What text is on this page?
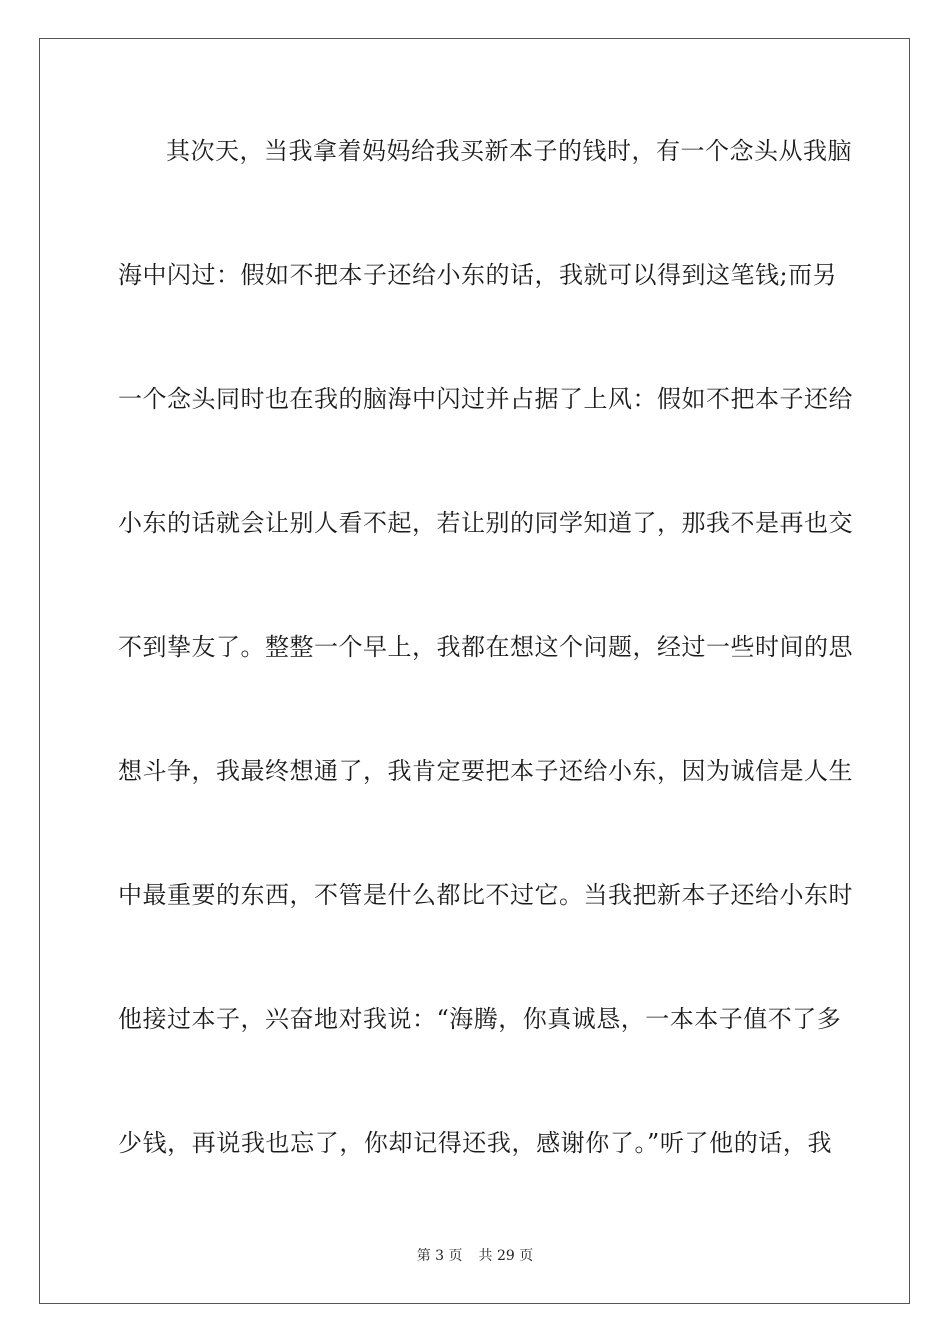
其次天，当我拿着妈妈给我买新本子的钱时，有一个念头从我脑
海中闪过：假如不把本子还给小东的话，我就可以得到这笔钱;而另
一个念头同时也在我的脑海中闪过并占据了上风：假如不把本子还给
小东的话就会让别人看不起，若让别的同学知道了，那我不是再也交
不到挚友了。整整一个早上，我都在想这个问题，经过一些时间的思
想斗争，我最终想通了，我肯定要把本子还给小东，因为诚信是人生
中最重要的东西，不管是什么都比不过它。当我把新本子还给小东时
他接过本子，兴奋地对我说：“海腾，你真诚恳，一本本子值不了多
少钱，再说我也忘了，你却记得还我，感谢你了。”听了他的话，我
第 3 页 共 29 页
